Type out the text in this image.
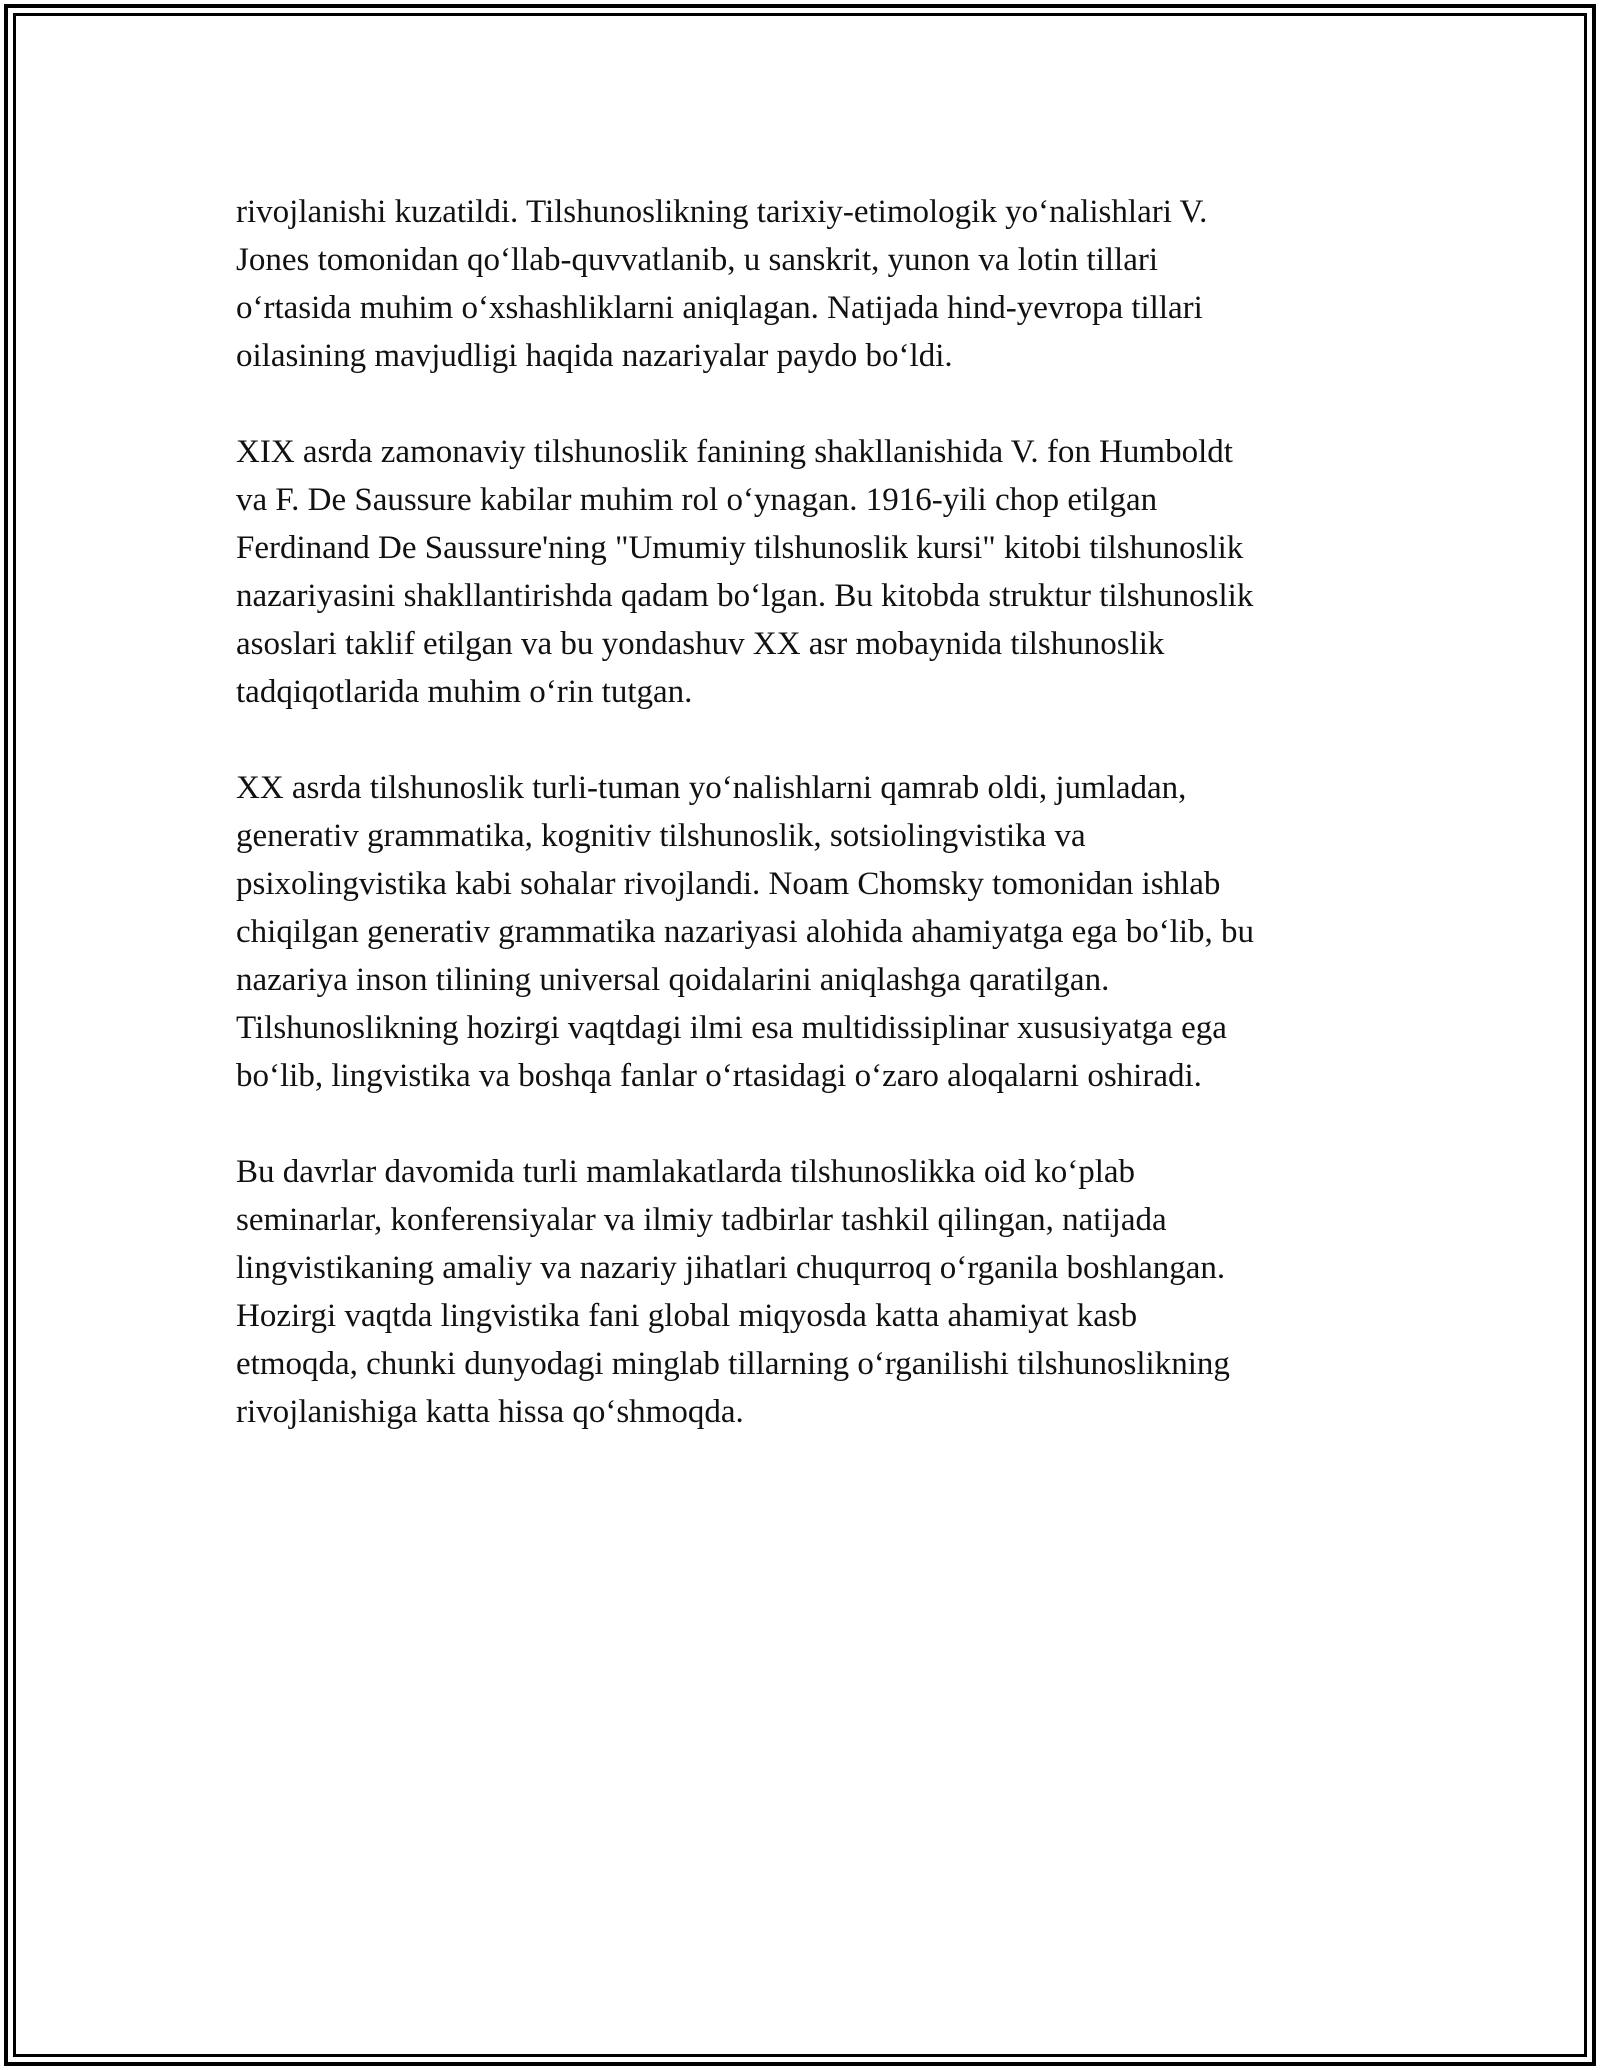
rivojlanishi kuzatildi. Tilshunoslikning tarixiy-etimologik yo‘nalishlari V.
Jones tomonidan qo‘llab-quvvatlanib, u sanskrit, yunon va lotin tillari
o‘rtasida muhim o‘xshashliklarni aniqlagan. Natijada hind-yevropa tillari
oilasining mavjudligi haqida nazariyalar paydo bo‘ldi.

XIX asrda zamonaviy tilshunoslik fanining shakllanishida V. fon Humboldt
va F. De Saussure kabilar muhim rol o‘ynagan. 1916-yili chop etilgan
Ferdinand De Saussure'ning "Umumiy tilshunoslik kursi" kitobi tilshunoslik
nazariyasini shakllantirishda qadam bo‘lgan. Bu kitobda struktur tilshunoslik
asoslari taklif etilgan va bu yondashuv XX asr mobaynida tilshunoslik
tadqiqotlarida muhim o‘rin tutgan.

XX asrda tilshunoslik turli-tuman yo‘nalishlarni qamrab oldi, jumladan,
generativ grammatika, kognitiv tilshunoslik, sotsiolingvistika va
psixolingvistika kabi sohalar rivojlandi. Noam Chomsky tomonidan ishlab
chiqilgan generativ grammatika nazariyasi alohida ahamiyatga ega bo‘lib, bu
nazariya inson tilining universal qoidalarini aniqlashga qaratilgan.
Tilshunoslikning hozirgi vaqtdagi ilmi esa multidissiplinar xususiyatga ega
bo‘lib, lingvistika va boshqa fanlar o‘rtasidagi o‘zaro aloqalarni oshiradi.

Bu davrlar davomida turli mamlakatlarda tilshunoslikka oid ko‘plab
seminarlar, konferensiyalar va ilmiy tadbirlar tashkil qilingan, natijada
lingvistikaning amaliy va nazariy jihatlari chuqurroq o‘rganila boshlangan.
Hozirgi vaqtda lingvistika fani global miqyosda katta ahamiyat kasb
etmoqda, chunki dunyodagi minglab tillarning o‘rganilishi tilshunoslikning
rivojlanishiga katta hissa qo‘shmoqda.
